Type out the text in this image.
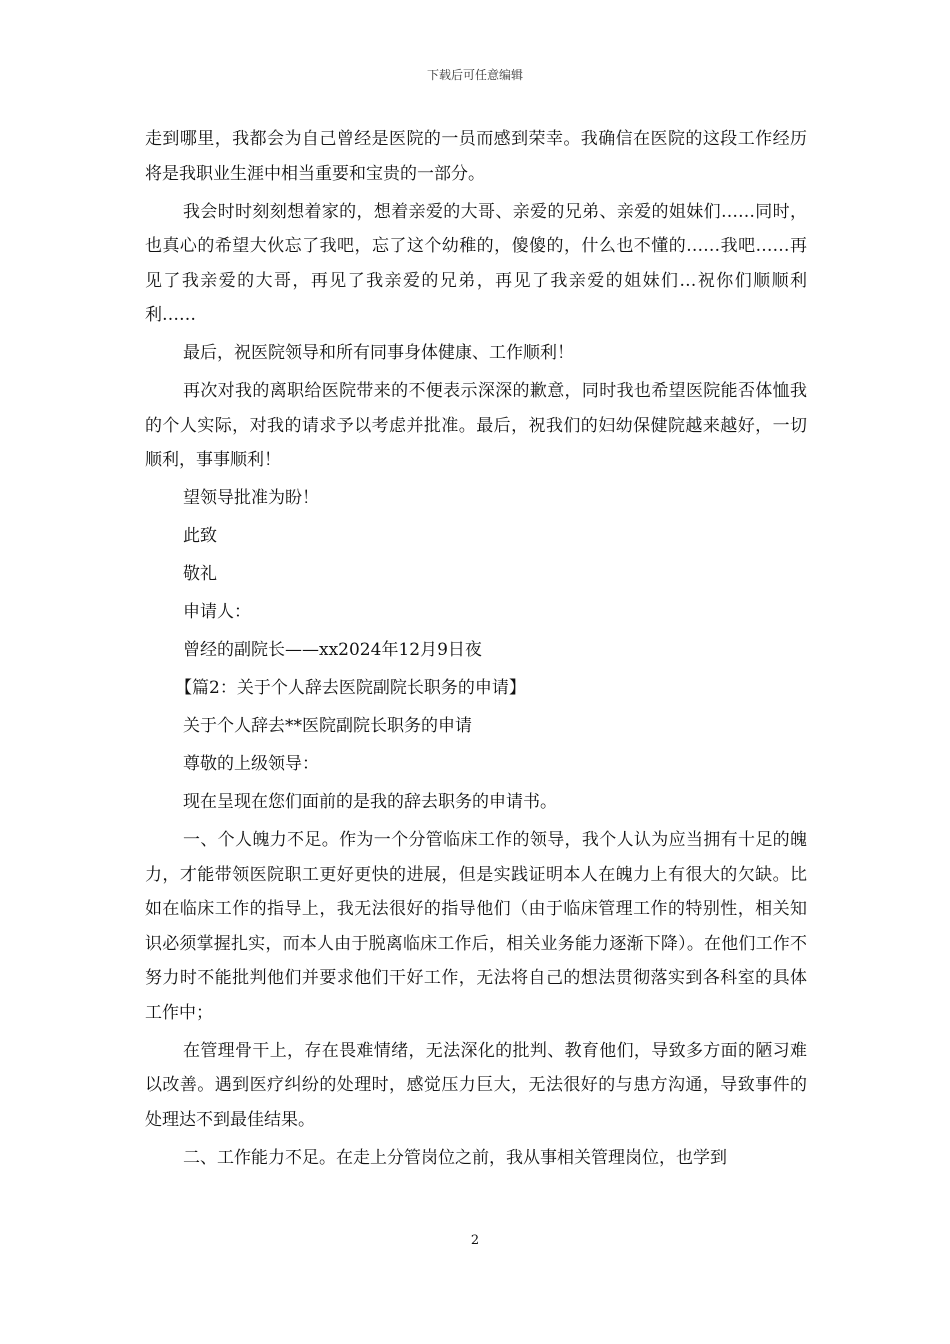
下载后可任意编辑

走到哪里，我都会为自己曾经是医院的一员而感到荣幸。我确信在医院的这段工作经历将是我职业生涯中相当重要和宝贵的一部分。

我会时时刻刻想着家的，想着亲爱的大哥、亲爱的兄弟、亲爱的姐妹们……同时，也真心的希望大伙忘了我吧，忘了这个幼稚的，傻傻的，什么也不懂的……我吧……再见了我亲爱的大哥，再见了我亲爱的兄弟，再见了我亲爱的姐妹们…祝你们顺顺利利……

最后，祝医院领导和所有同事身体健康、工作顺利！

再次对我的离职给医院带来的不便表示深深的歉意，同时我也希望医院能否体恤我的个人实际，对我的请求予以考虑并批准。最后，祝我们的妇幼保健院越来越好，一切顺利，事事顺利！

望领导批准为盼！

此致

敬礼

申请人：

曾经的副院长——xx2024年12月9日夜

【篇2：关于个人辞去医院副院长职务的申请】

关于个人辞去**医院副院长职务的申请

尊敬的上级领导：

现在呈现在您们面前的是我的辞去职务的申请书。

一、个人魄力不足。作为一个分管临床工作的领导，我个人认为应当拥有十足的魄力，才能带领医院职工更好更快的进展，但是实践证明本人在魄力上有很大的欠缺。比如在临床工作的指导上，我无法很好的指导他们（由于临床管理工作的特别性，相关知识必须掌握扎实，而本人由于脱离临床工作后，相关业务能力逐渐下降）。在他们工作不努力时不能批判他们并要求他们干好工作，无法将自己的想法贯彻落实到各科室的具体工作中；

在管理骨干上，存在畏难情绪，无法深化的批判、教育他们，导致多方面的陋习难以改善。遇到医疗纠纷的处理时，感觉压力巨大，无法很好的与患方沟通，导致事件的处理达不到最佳结果。

二、工作能力不足。在走上分管岗位之前，我从事相关管理岗位，也学到

2
